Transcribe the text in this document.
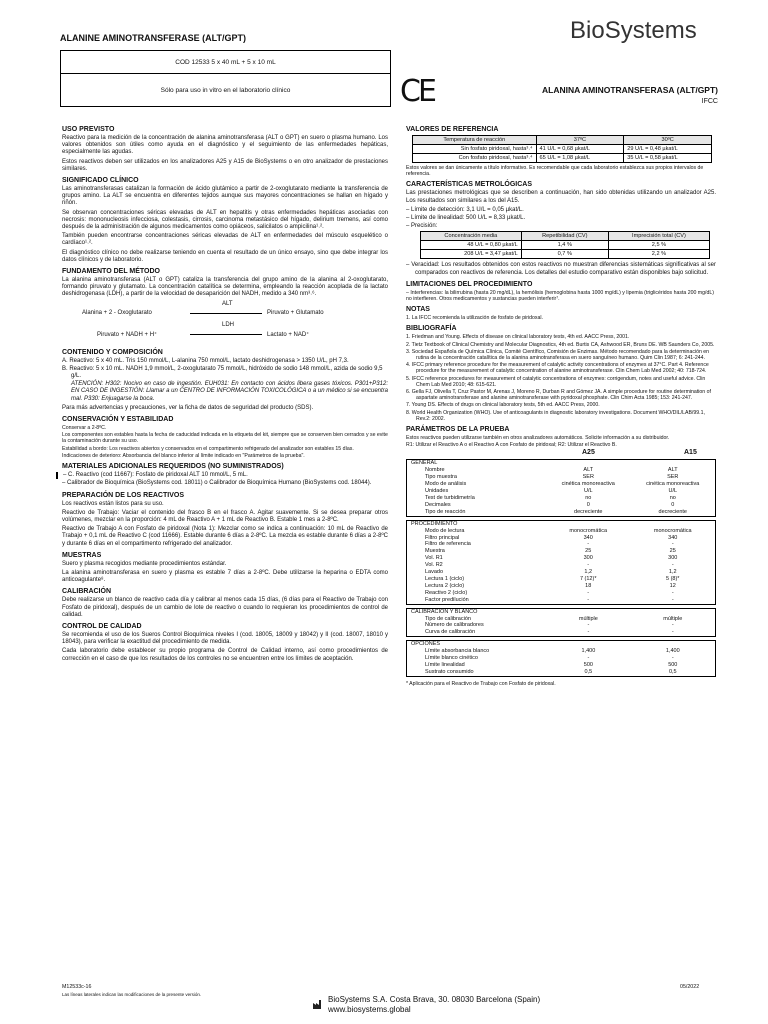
ALANINE AMINOTRANSFERASE (ALT/GPT)	BioSystems
COD 12533 5 x 40 mL + 5 x 10 mL
Sólo para uso in vitro en el laboratorio clínico	CE	ALANINA AMINOTRANSFERASA (ALT/GPT)
IFCC
USO PREVISTO
Reactivo para la medición de la concentración de alanina aminotransferasa (ALT o GPT) en suero o plasma humano. Los valores obtenidos son útiles como ayuda en el diagnóstico y el seguimiento de las enfermedades hepáticas, especialmente las agudas.
Estos reactivos deben ser utilizados en los analizadores A25 y A15 de BioSystems o en otro analizador de prestaciones similares.
SIGNIFICADO CLÍNICO
Las aminotransferasas catalizan la formación de ácido glutámico a partir de 2-oxoglutarato mediante la transferencia de grupos amino. La ALT se encuentra en diferentes tejidos aunque sus mayores concentraciones se hallan en hígado y riñón.
Se observan concentraciones séricas elevadas de ALT en hepatitis y otras enfermedades hepáticas asociadas con necrosis: mononucleosis infecciosa, colestasis, cirrosis, carcinoma metastásico del hígado, delirium tremens, así como después de la administración de algunos medicamentos como opiáceos, salicilatos o ampicilina¹˒².
También pueden encontrarse concentraciones séricas elevadas de ALT en enfermedades del músculo esquelético o cardíaco¹˒².
El diagnóstico clínico no debe realizarse teniendo en cuenta el resultado de un único ensayo, sino que debe integrar los datos clínicos y de laboratorio.
FUNDAMENTO DEL MÉTODO
La alanina aminotransferasa (ALT o GPT) cataliza la transferencia del grupo amino de la alanina al 2-oxoglutarato, formando piruvato y glutamato. La concentración catalítica se determina, empleando la reacción acoplada de la lactato deshidrogenasa (LDH), a partir de la velocidad de desaparición del NADH, medido a 340 nm³˒⁶.
ALT
Alanina + 2 - Oxoglutarato	Piruvato + Glutamato
LDH
Piruvato + NADH + H⁺	Lactato + NAD⁺
CONTENIDO Y COMPOSICIÓN
A. Reactivo: 5 x 40 mL. Tris 150 mmol/L, L-alanina 750 mmol/L, lactato deshidrogenasa > 1350 U/L, pH 7,3.
B. Reactivo: 5 x 10 mL. NADH 1,9 mmol/L, 2-oxoglutarato 75 mmol/L, hidróxido de sodio 148 mmol/L, azida de sodio 9,5 g/L.
ATENCIÓN: H302: Nocivo en caso de ingestión. EUH031: En contacto con ácidos libera gases tóxicos. P301+P312: EN CASO DE INGESTIÓN: Llamar a un CENTRO DE INFORMACIÓN TOXICOLÓGICA o a un médico si se encuentra mal. P330: Enjuagarse la boca.
Para más advertencias y precauciones, ver la ficha de datos de seguridad del producto (SDS).
CONSERVACIÓN Y ESTABILIDAD
Conservar a 2-8ºC.
Los componentes son estables hasta la fecha de caducidad indicada en la etiqueta del kit, siempre que se conserven bien cerrados y se evite la contaminación durante su uso.
Estabilidad a bordo: Los reactivos abiertos y conservados en el compartimento refrigerado del analizador son estables 15 días.
Indicaciones de deterioro: Absorbancia del blanco inferior al límite indicado en "Parámetros de la prueba".
MATERIALES ADICIONALES REQUERIDOS (NO SUMINISTRADOS)
– C. Reactivo (cod 11667): Fosfato de piridoxal ALT 10 mmol/L, 5 mL.
– Calibrador de Bioquímica (BioSystems cod. 18011) o Calibrador de Bioquímica Humano (BioSystems cod. 18044).
PREPARACIÓN DE LOS REACTIVOS
Los reactivos están listos para su uso.
Reactivo de Trabajo: Vaciar el contenido del frasco B en el frasco A. Agitar suavemente. Si se desea preparar otros volúmenes, mezclar en la proporción: 4 mL de Reactivo A + 1 mL de Reactivo B. Estable 1 mes a 2-8ºC.
Reactivo de Trabajo A con Fosfato de piridoxal (Nota 1): Mezclar como se indica a continuación: 10 mL de Reactivo de Trabajo + 0,1 mL de Reactivo C (cod 11666). Estable durante 6 días a 2-8ºC. La mezcla es estable durante 6 días a 2-8ºC y durante 6 días en el compartimento refrigerado del analizador.
MUESTRAS
Suero y plasma recogidos mediante procedimientos estándar.
La alanina aminotransferasa en suero y plasma es estable 7 días a 2-8ºC. Debe utilizarse la heparina o EDTA como anticoagulante⁸.
CALIBRACIÓN
Debe realizarse un blanco de reactivo cada día y calibrar al menos cada 15 días, (6 días para el Reactivo de Trabajo con Fosfato de piridoxal), después de un cambio de lote de reactivo o cuando lo requieran los procedimientos de control de calidad.
CONTROL DE CALIDAD
Se recomienda el uso de los Sueros Control Bioquímica niveles I (cod. 18005, 18009 y 18042) y II (cod. 18007, 18010 y 18043), para verificar la exactitud del procedimiento de medida.
Cada laboratorio debe establecer su propio programa de Control de Calidad interno, así como procedimientos de corrección en el caso de que los resultados de los controles no se encuentren entre los límites de aceptación.
VALORES DE REFERENCIA
Temperatura de reacción	37ºC	30ºC
Sin fosfato piridoxal, hasta³˒⁴	41 U/L = 0,68 µkat/L	29 U/L = 0,48 µkat/L
Con fosfato piridoxal, hasta³˒⁴	65 U/L = 1,08 µkat/L	35 U/L = 0,58 µkat/L
Estos valores se dan únicamente a título informativo. Es recomendable que cada laboratorio establezca sus propios intervalos de referencia.
CARACTERÍSTICAS METROLÓGICAS
Las prestaciones metrológicas que se describen a continuación, han sido obtenidas utilizando un analizador A25. Los resultados son similares a los del A15.
– Límite de detección: 3,1 U/L = 0,05 µkat/L.
– Límite de linealidad: 500 U/L = 8,33 µkat/L.
– Precisión:
Concentración media	Repetibilidad (CV)	Imprecisión total (CV)
48 U/L = 0,80 µkat/L	1,4 %	2,5 %
208 U/L = 3,47 µkat/L	0,7 %	2,2 %
– Veracidad: Los resultados obtenidos con estos reactivos no muestran diferencias sistemáticas significativas al ser comparados con reactivos de referencia. Los detalles del estudio comparativo están disponibles bajo solicitud.
LIMITACIONES DEL PROCEDIMIENTO
– Interferencias: la bilirrubina (hasta 20 mg/dL), la hemólisis (hemoglobina hasta 1000 mg/dL) y lipemia (triglicéridos hasta 200 mg/dL) no interfieren. Otros medicamentos y sustancias pueden interferir⁷.
NOTAS
1. La IFCC recomienda la utilización de fosfato de piridoxal.
BIBLIOGRAFÍA
1. Friedman and Young. Effects of disease on clinical laboratory tests, 4th ed. AACC Press, 2001.
2. Tietz Textbook of Clinical Chemistry and Molecular Diagnostics, 4th ed. Burtis CA, Ashwood ER, Bruns DE. WB Saunders Co, 2005.
3. Sociedad Española de Química Clínica, Comité Científico, Comisión de Enzimas. Método recomendado para la determinación en rutina de la concentración catalítica de la alanina aminotransferasa en suero sanguíneo humano. Quim Clin 1987; 6: 241-244.
4. IFCC primary reference procedure for the measurement of catalytic activity concentrations of enzymes at 37°C. Part 4. Reference procedure for the measurement of catalytic concentration of alanine aminotransferase. Clin Chem Lab Med 2002; 40: 718-724.
5. IFCC reference procedures for measurement of catalytic concentrations of enzymes: corrigendum, notes and useful advice. Clin Chem Lab Med 2010; 48: 615-621.
6. Gella FJ, Olivella T, Cruz Pastor M, Arenas J, Moreno R, Durban R and Gómez JA. A simple procedure for routine determination of aspartate aminotransferase and alanine aminotransferase with pyridoxal phosphate. Clin Chim Acta 1985; 153: 241-247.
7. Young DS. Effects of drugs on clinical laboratory tests, 5th ed. AACC Press, 2000.
8. World Health Organization (WHO). Use of anticoagulants in diagnostic laboratory investigations. Document WHO/DIL/LAB/99.1, Rev.2: 2002.
PARÁMETROS DE LA PRUEBA
Estos reactivos pueden utilizarse también en otros analizadores automáticos. Solicite información a su distribuidor.
R1: Utilizar el Reactivo A o el Reactivo A con Fosfato de piridoxal; R2: Utilizar el Reactivo B.
A25	A15
GENERAL		
Nombre	ALT	ALT
Tipo muestra	SER	SER
Modo de análisis	cinética monoreactiva	cinética monoreactiva
Unidades	U/L	U/L
Test de turbidimetría	no	no
Decimales	0	0
Tipo de reacción	decreciente	decreciente
PROCEDIMIENTO		
Modo de lectura	monocromática	monocromática
Filtro principal	340	340
Filtro de referencia	-	-
Muestra	25	25
Vol. R1	300	300
Vol. R2	-	-
Lavado	1,2	1,2
Lectura 1 (ciclo)	7 (12)*	5 (8)*
Lectura 2 (ciclo)	18	12
Reactivo 2 (ciclo)	-	-
Factor predilución	-	-
CALIBRACIÓN Y BLANCO		
Tipo de calibración	múltiple	múltiple
Número de calibradores	-	-
Curva de calibración	-	-
OPCIONES		
Límite absorbancia blanco	1,400	1,400
Límite blanco cinético	-	-
Límite linealidad	500	500
Sustrato consumido	0,5	0,5
* Aplicación para el Reactivo de Trabajo con Fosfato de piridoxal.
M12533c-16
Las líneas laterales indican las modificaciones de la presente versión.
05/2022
BioSystems S.A. Costa Brava, 30. 08030 Barcelona (Spain)
www.biosystems.global
